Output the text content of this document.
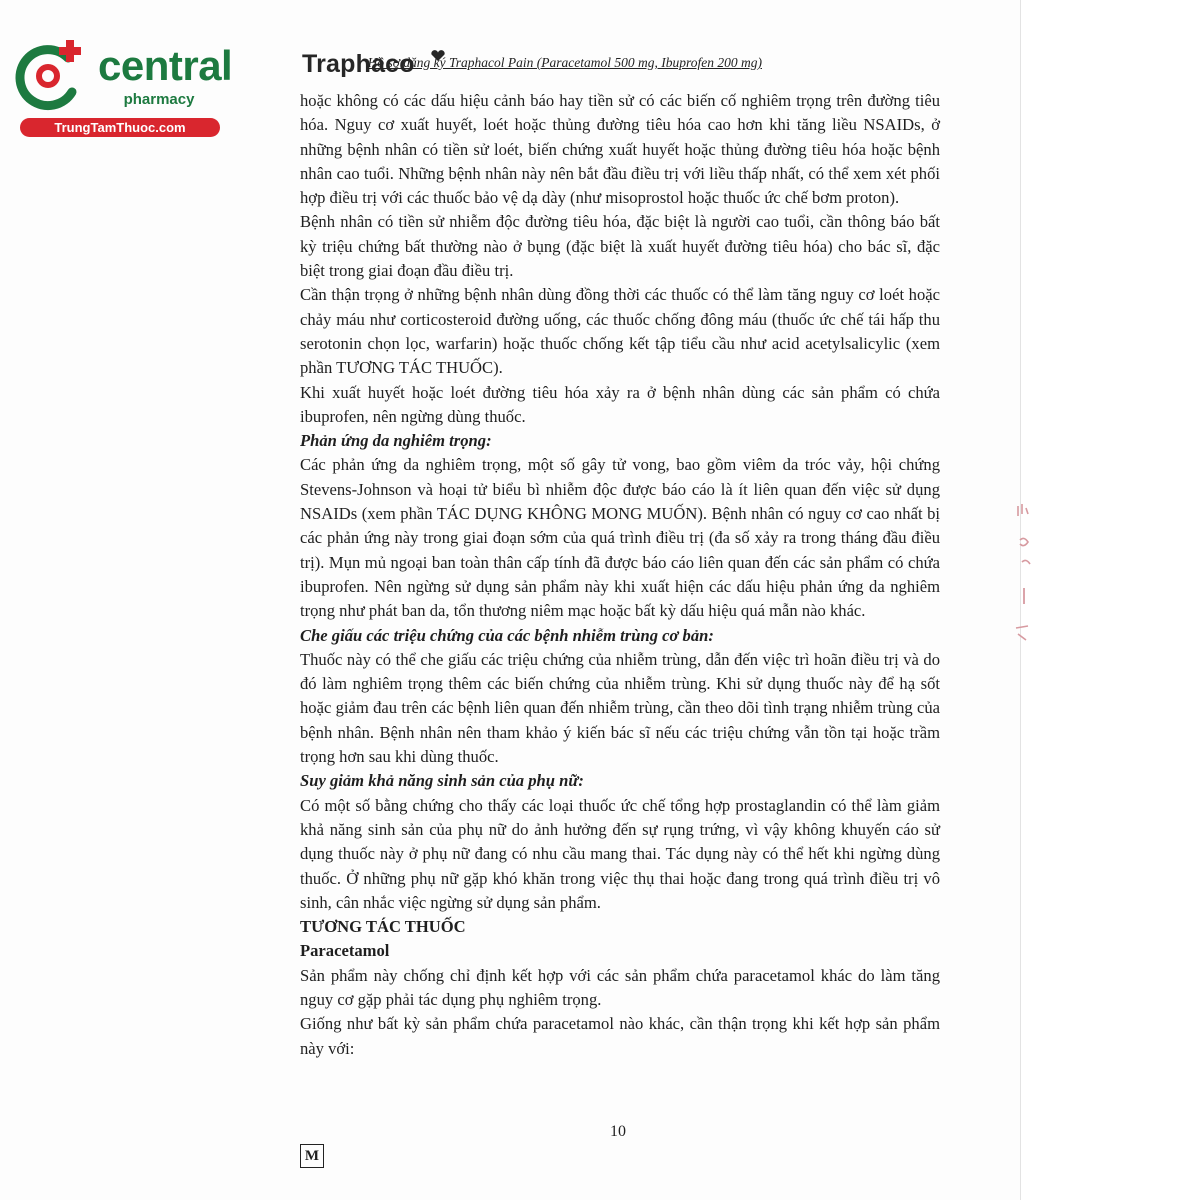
central
pharmacy
TrungTamThuoc.com
Traphaco
Hồ sơ đăng ký Traphacol Pain (Paracetamol 500 mg, Ibuprofen 200 mg)

hoặc không có các dấu hiệu cảnh báo hay tiền sử có các biến cố nghiêm trọng trên đường tiêu hóa. Nguy cơ xuất huyết, loét hoặc thủng đường tiêu hóa cao hơn khi tăng liều NSAIDs, ở những bệnh nhân có tiền sử loét, biến chứng xuất huyết hoặc thủng đường tiêu hóa hoặc bệnh nhân cao tuổi. Những bệnh nhân này nên bắt đầu điều trị với liều thấp nhất, có thể xem xét phối hợp điều trị với các thuốc bảo vệ dạ dày (như misoprostol hoặc thuốc ức chế bơm proton).

Bệnh nhân có tiền sử nhiễm độc đường tiêu hóa, đặc biệt là người cao tuổi, cần thông báo bất kỳ triệu chứng bất thường nào ở bụng (đặc biệt là xuất huyết đường tiêu hóa) cho bác sĩ, đặc biệt trong giai đoạn đầu điều trị.

Cần thận trọng ở những bệnh nhân dùng đồng thời các thuốc có thể làm tăng nguy cơ loét hoặc chảy máu như corticosteroid đường uống, các thuốc chống đông máu (thuốc ức chế tái hấp thu serotonin chọn lọc, warfarin) hoặc thuốc chống kết tập tiểu cầu như acid acetylsalicylic (xem phần TƯƠNG TÁC THUỐC).

Khi xuất huyết hoặc loét đường tiêu hóa xảy ra ở bệnh nhân dùng các sản phẩm có chứa ibuprofen, nên ngừng dùng thuốc.

Phản ứng da nghiêm trọng:

Các phản ứng da nghiêm trọng, một số gây tử vong, bao gồm viêm da tróc vảy, hội chứng Stevens-Johnson và hoại tử biểu bì nhiễm độc được báo cáo là ít liên quan đến việc sử dụng NSAIDs (xem phần TÁC DỤNG KHÔNG MONG MUỐN). Bệnh nhân có nguy cơ cao nhất bị các phản ứng này trong giai đoạn sớm của quá trình điều trị (đa số xảy ra trong tháng đầu điều trị). Mụn mủ ngoại ban toàn thân cấp tính đã được báo cáo liên quan đến các sản phẩm có chứa ibuprofen. Nên ngừng sử dụng sản phẩm này khi xuất hiện các dấu hiệu phản ứng da nghiêm trọng như phát ban da, tổn thương niêm mạc hoặc bất kỳ dấu hiệu quá mẫn nào khác.

Che giấu các triệu chứng của các bệnh nhiễm trùng cơ bản:

Thuốc này có thể che giấu các triệu chứng của nhiễm trùng, dẫn đến việc trì hoãn điều trị và do đó làm nghiêm trọng thêm các biến chứng của nhiễm trùng. Khi sử dụng thuốc này để hạ sốt hoặc giảm đau trên các bệnh liên quan đến nhiễm trùng, cần theo dõi tình trạng nhiễm trùng của bệnh nhân. Bệnh nhân nên tham khảo ý kiến bác sĩ nếu các triệu chứng vẫn tồn tại hoặc trầm trọng hơn sau khi dùng thuốc.

Suy giảm khả năng sinh sản của phụ nữ:

Có một số bằng chứng cho thấy các loại thuốc ức chế tổng hợp prostaglandin có thể làm giảm khả năng sinh sản của phụ nữ do ảnh hưởng đến sự rụng trứng, vì vậy không khuyến cáo sử dụng thuốc này ở phụ nữ đang có nhu cầu mang thai. Tác dụng này có thể hết khi ngừng dùng thuốc. Ở những phụ nữ gặp khó khăn trong việc thụ thai hoặc đang trong quá trình điều trị vô sinh, cân nhắc việc ngừng sử dụng sản phẩm.

TƯƠNG TÁC THUỐC

Paracetamol

Sản phẩm này chống chỉ định kết hợp với các sản phẩm chứa paracetamol khác do làm tăng nguy cơ gặp phải tác dụng phụ nghiêm trọng.

Giống như bất kỳ sản phẩm chứa paracetamol nào khác, cần thận trọng khi kết hợp sản phẩm này với:

10
M
